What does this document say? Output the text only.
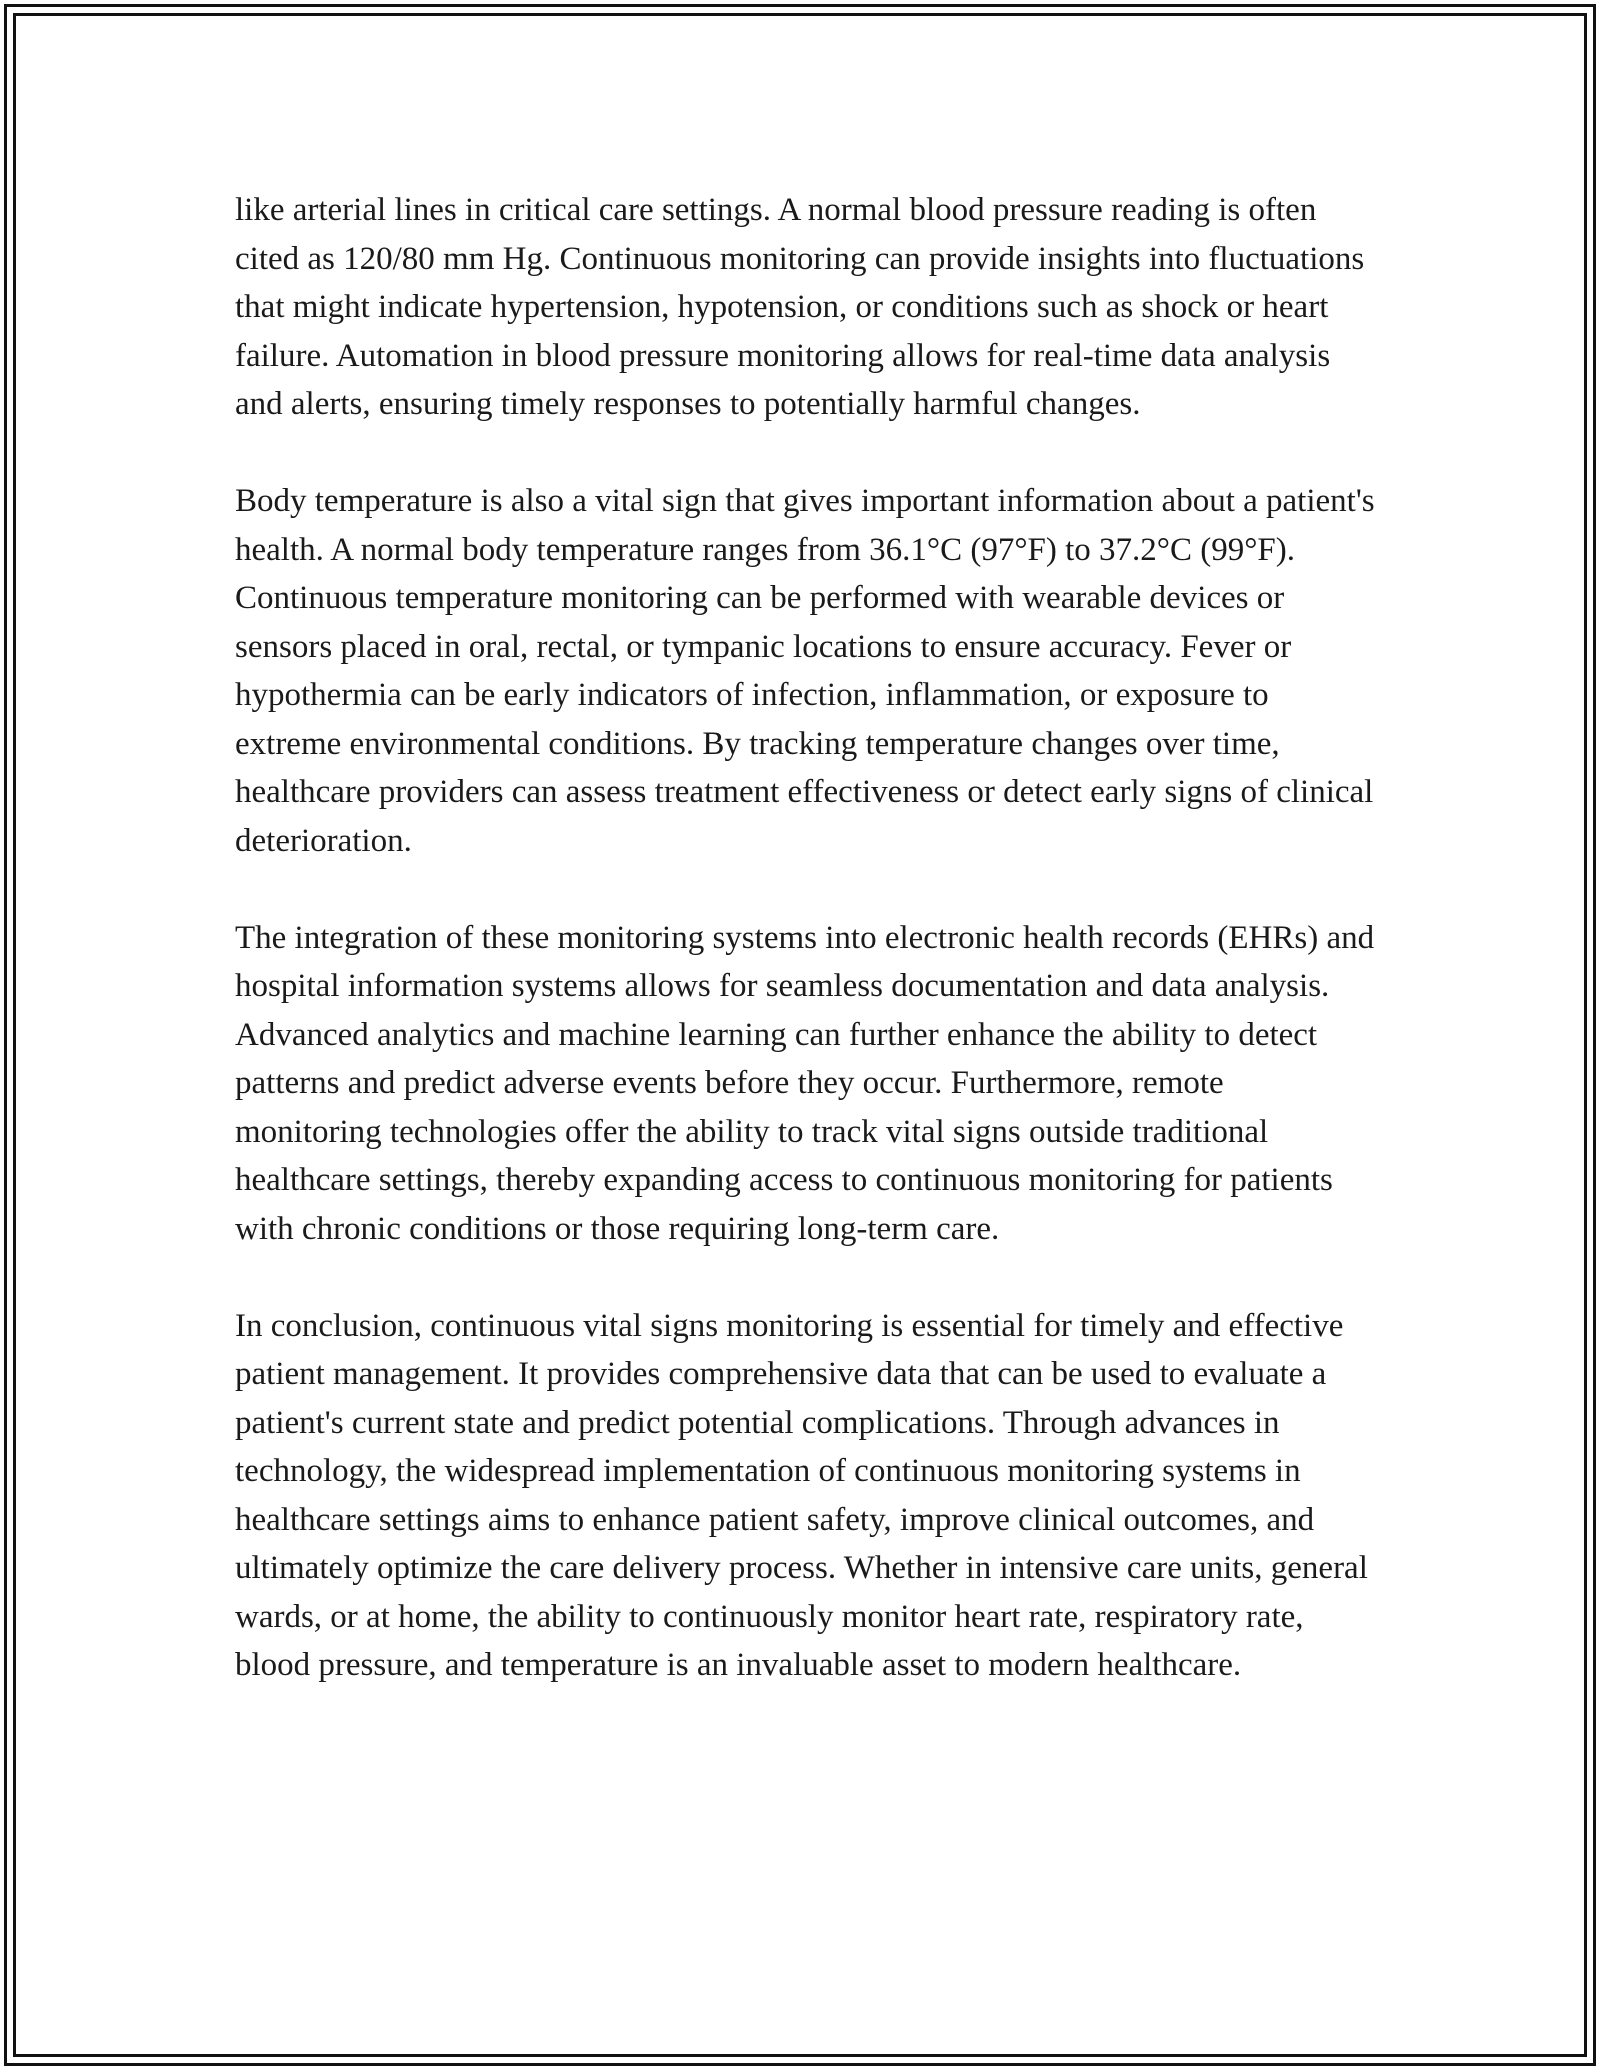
like arterial lines in critical care settings. A normal blood pressure reading is often cited as 120/80 mm Hg. Continuous monitoring can provide insights into fluctuations that might indicate hypertension, hypotension, or conditions such as shock or heart failure. Automation in blood pressure monitoring allows for real-time data analysis and alerts, ensuring timely responses to potentially harmful changes.

Body temperature is also a vital sign that gives important information about a patient's health. A normal body temperature ranges from 36.1°C (97°F) to 37.2°C (99°F). Continuous temperature monitoring can be performed with wearable devices or sensors placed in oral, rectal, or tympanic locations to ensure accuracy. Fever or hypothermia can be early indicators of infection, inflammation, or exposure to extreme environmental conditions. By tracking temperature changes over time, healthcare providers can assess treatment effectiveness or detect early signs of clinical deterioration.

The integration of these monitoring systems into electronic health records (EHRs) and hospital information systems allows for seamless documentation and data analysis. Advanced analytics and machine learning can further enhance the ability to detect patterns and predict adverse events before they occur. Furthermore, remote monitoring technologies offer the ability to track vital signs outside traditional healthcare settings, thereby expanding access to continuous monitoring for patients with chronic conditions or those requiring long-term care.

In conclusion, continuous vital signs monitoring is essential for timely and effective patient management. It provides comprehensive data that can be used to evaluate a patient's current state and predict potential complications. Through advances in technology, the widespread implementation of continuous monitoring systems in healthcare settings aims to enhance patient safety, improve clinical outcomes, and ultimately optimize the care delivery process. Whether in intensive care units, general wards, or at home, the ability to continuously monitor heart rate, respiratory rate, blood pressure, and temperature is an invaluable asset to modern healthcare.
